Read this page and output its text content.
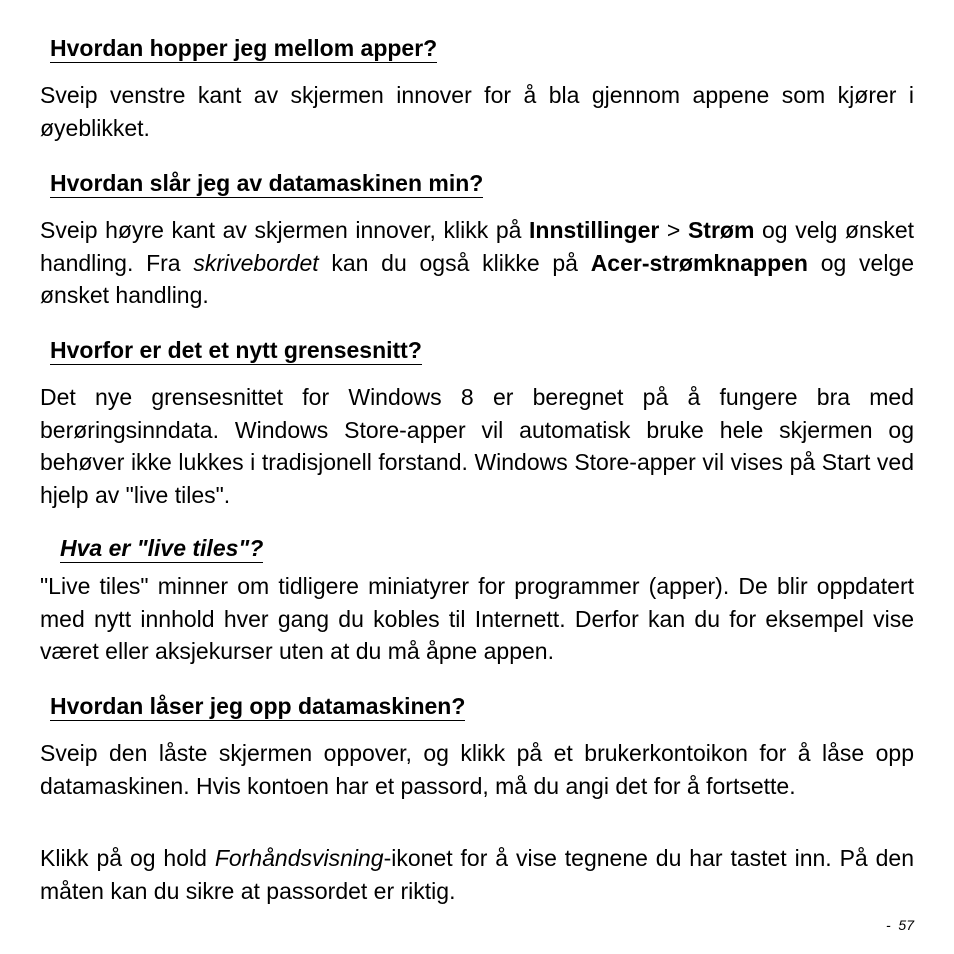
Hvordan hopper jeg mellom apper?

Sveip venstre kant av skjermen innover for å bla gjennom appene som kjører i øyeblikket.

Hvordan slår jeg av datamaskinen min?

Sveip høyre kant av skjermen innover, klikk på Innstillinger > Strøm og velg ønsket handling. Fra skrivebordet kan du også klikke på Acer-strømknappen og velge ønsket handling.

Hvorfor er det et nytt grensesnitt?

Det nye grensesnittet for Windows 8 er beregnet på å fungere bra med berøringsinndata. Windows Store-apper vil automatisk bruke hele skjermen og behøver ikke lukkes i tradisjonell forstand. Windows Store-apper vil vises på Start ved hjelp av "live tiles".

Hva er "live tiles"?

"Live tiles" minner om tidligere miniatyrer for programmer (apper). De blir oppdatert med nytt innhold hver gang du kobles til Internett. Derfor kan du for eksempel vise været eller aksjekurser uten at du må åpne appen.

Hvordan låser jeg opp datamaskinen?

Sveip den låste skjermen oppover, og klikk på et brukerkontoikon for å låse opp datamaskinen. Hvis kontoen har et passord, må du angi det for å fortsette.

Klikk på og hold Forhåndsvisning-ikonet for å vise tegnene du har tastet inn. På den måten kan du sikre at passordet er riktig.

- 57
